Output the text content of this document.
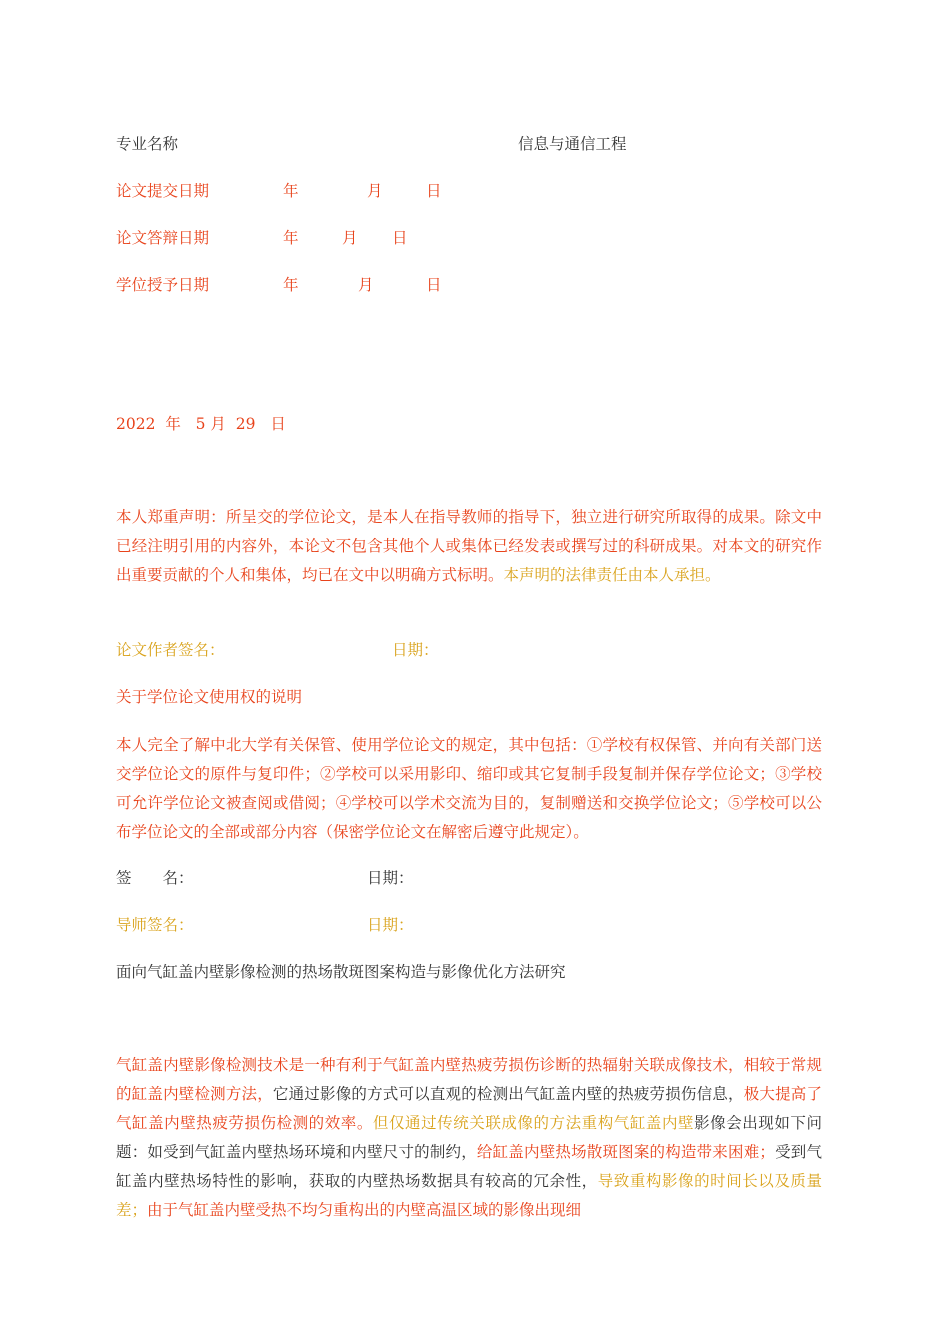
专业名称	信息与通信工程
论文提交日期	年	月	日
论文答辩日期	年	月 日
学位授予日期	年	月	日
2022 年 5 月 29 日
本人郑重声明：所呈交的学位论文，是本人在指导教师的指导下，独立进行研究所取得的成果。除文中已经注明引用的内容外，本论文不包含其他个人或集体已经发表或撰写过的科研成果。对本文的研究作出重要贡献的个人和集体，均已在文中以明确方式标明。本声明的法律责任由本人承担。
论文作者签名：	日期：
关于学位论文使用权的说明
本人完全了解中北大学有关保管、使用学位论文的规定，其中包括：①学校有权保管、并向有关部门送交学位论文的原件与复印件；②学校可以采用影印、缩印或其它复制手段复制并保存学位论文；③学校可允许学位论文被查阅或借阅；④学校可以学术交流为目的，复制赠送和交换学位论文；⑤学校可以公布学位论文的全部或部分内容（保密学位论文在解密后遵守此规定）。
签　　名：	日期：
导师签名：	日期：
面向气缸盖内壁影像检测的热场散斑图案构造与影像优化方法研究
气缸盖内壁影像检测技术是一种有利于气缸盖内壁热疲劳损伤诊断的热辐射关联成像技术，相较于常规的缸盖内壁检测方法，它通过影像的方式可以直观的检测出气缸盖内壁的热疲劳损伤信息，极大提高了气缸盖内壁热疲劳损伤检测的效率。但仅通过传统关联成像的方法重构气缸盖内壁影像会出现如下问题：如受到气缸盖内壁热场环境和内壁尺寸的制约，给缸盖内壁热场散斑图案的构造带来困难；受到气缸盖内壁热场特性的影响，获取的内壁热场数据具有较高的冗余性，导致重构影像的时间长以及质量差；由于气缸盖内壁受热不均匀重构出的内壁高温区域的影像出现细
